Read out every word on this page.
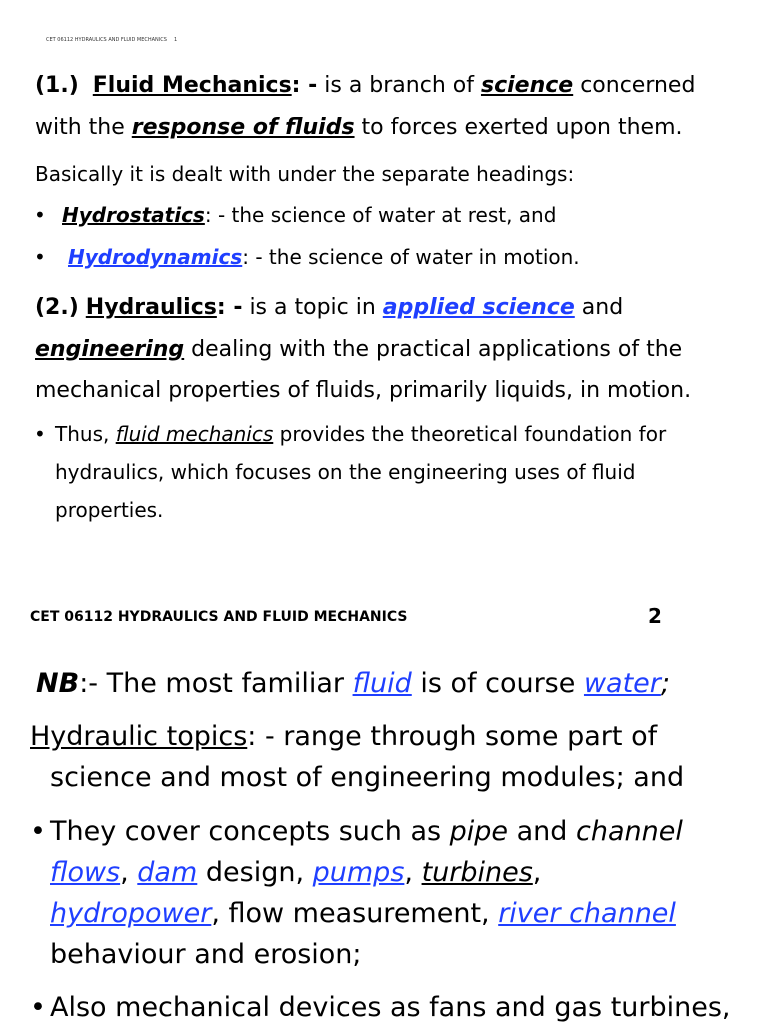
CET 06112 HYDRAULICS AND FLUID MECHANICS 1
(1.) Fluid Mechanics: - is a branch of science concerned
with the response of fluids to forces exerted upon them.
Basically it is dealt with under the separate headings:
• Hydrostatics: - the science of water at rest, and
• Hydrodynamics: - the science of water in motion.
(2.) Hydraulics: - is a topic in applied science and
engineering dealing with the practical applications of the
mechanical properties of fluids, primarily liquids, in motion.
• Thus, fluid mechanics provides the theoretical foundation for
hydraulics, which focuses on the engineering uses of fluid
properties.
CET 06112 HYDRAULICS AND FLUID MECHANICS	2
NB:- The most familiar fluid is of course water;
Hydraulic topics: - range through some part of
science and most of engineering modules; and
• They cover concepts such as pipe and channel
flows, dam design, pumps, turbines,
hydropower, flow measurement, river channel
behaviour and erosion;
• Also mechanical devices as fans and gas turbines,
